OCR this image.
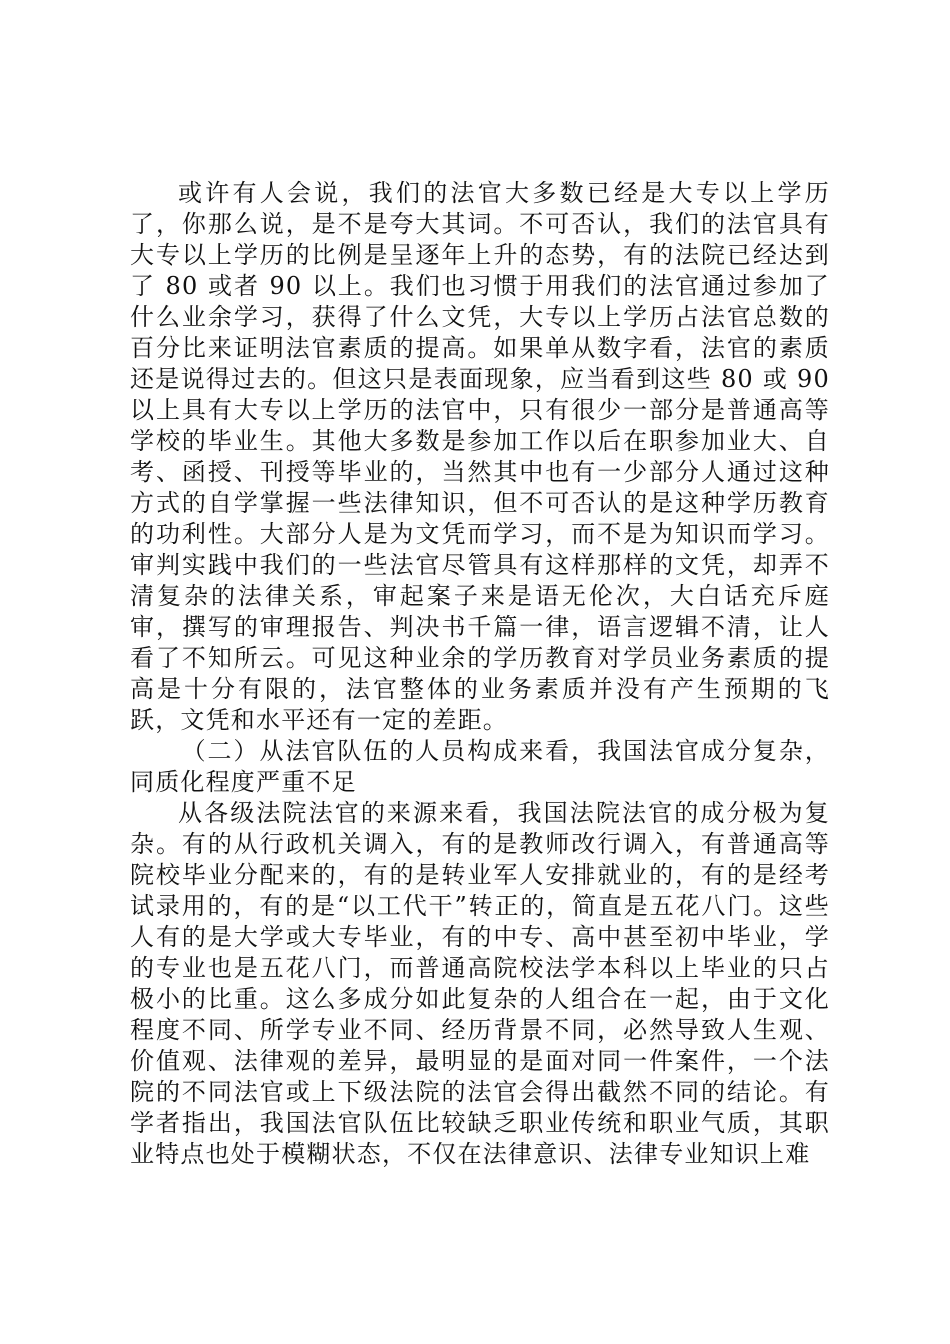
或许有人会说，我们的法官大多数已经是大专以上学历了，你那么说，是不是夸大其词。不可否认，我们的法官具有大专以上学历的比例是呈逐年上升的态势，有的法院已经达到了 80 或者 90 以上。我们也习惯于用我们的法官通过参加了什么业余学习，获得了什么文凭，大专以上学历占法官总数的百分比来证明法官素质的提高。如果单从数字看，法官的素质还是说得过去的。但这只是表面现象，应当看到这些 80 或 90 以上具有大专以上学历的法官中，只有很少一部分是普通高等学校的毕业生。其他大多数是参加工作以后在职参加业大、自考、函授、刊授等毕业的，当然其中也有一少部分人通过这种方式的自学掌握一些法律知识，但不可否认的是这种学历教育的功利性。大部分人是为文凭而学习，而不是为知识而学习。审判实践中我们的一些法官尽管具有这样那样的文凭，却弄不清复杂的法律关系，审起案子来是语无伦次，大白话充斥庭审，撰写的审理报告、判决书千篇一律，语言逻辑不清，让人看了不知所云。可见这种业余的学历教育对学员业务素质的提高是十分有限的，法官整体的业务素质并没有产生预期的飞跃，文凭和水平还有一定的差距。

（二）从法官队伍的人员构成来看，我国法官成分复杂，同质化程度严重不足

从各级法院法官的来源来看，我国法院法官的成分极为复杂。有的从行政机关调入，有的是教师改行调入，有普通高等院校毕业分配来的，有的是转业军人安排就业的，有的是经考试录用的，有的是“以工代干”转正的，简直是五花八门。这些人有的是大学或大专毕业，有的中专、高中甚至初中毕业，学的专业也是五花八门，而普通高院校法学本科以上毕业的只占极小的比重。这么多成分如此复杂的人组合在一起，由于文化程度不同、所学专业不同、经历背景不同，必然导致人生观、价值观、法律观的差异，最明显的是面对同一件案件，一个法院的不同法官或上下级法院的法官会得出截然不同的结论。有学者指出，我国法官队伍比较缺乏职业传统和职业气质，其职业特点也处于模糊状态，不仅在法律意识、法律专业知识上难
